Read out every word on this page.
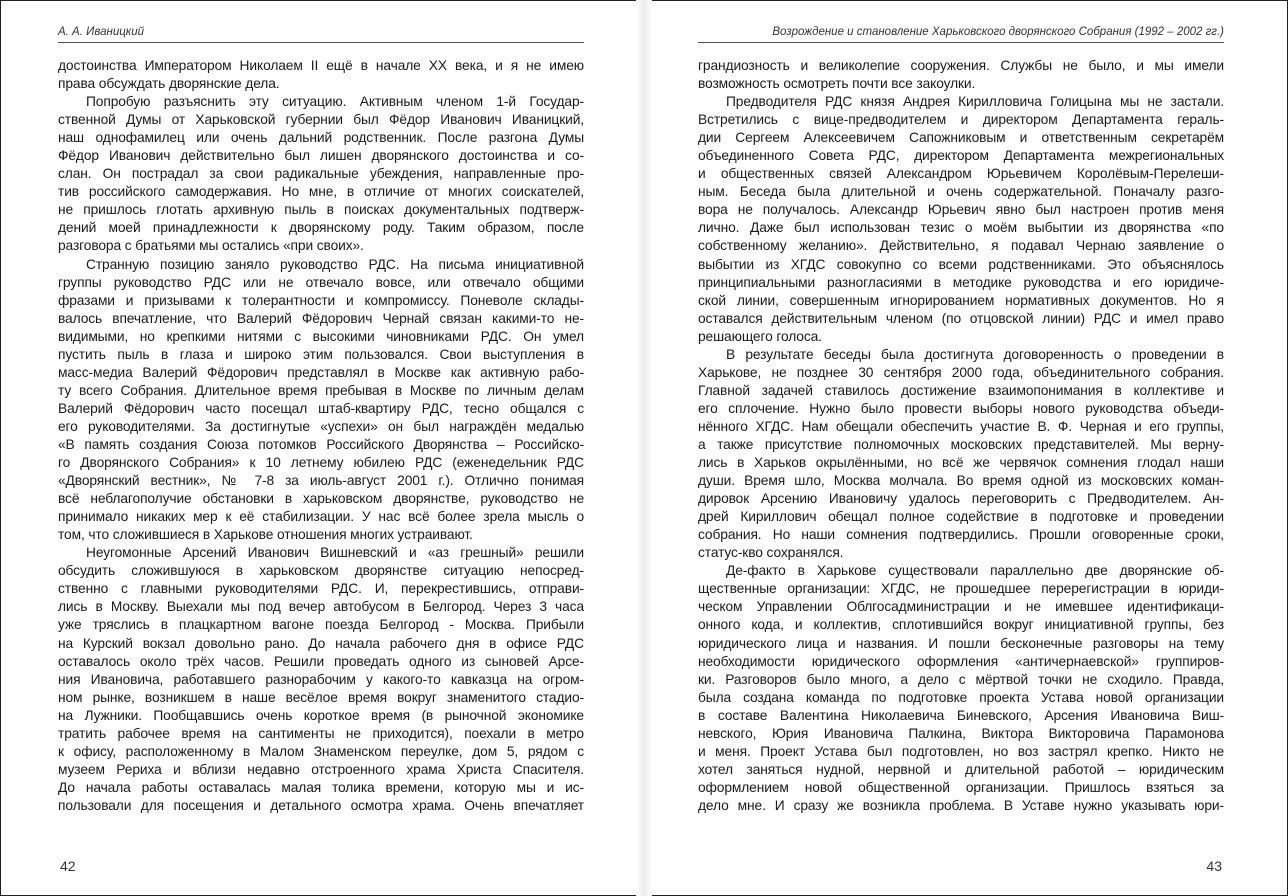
А. А. Иваницкий
достоинства Императором Николаем II ещё в начале XX века, и я не имею
права обсуждать дворянские дела.
Попробую разъяснить эту ситуацию. Активным членом 1-й Государ-
ственной Думы от Харьковской губернии был Фёдор Иванович Иваницкий,
наш однофамилец или очень дальний родственник. После разгона Думы
Фёдор Иванович действительно был лишен дворянского достоинства и со-
слан. Он пострадал за свои радикальные убеждения, направленные про-
тив российского самодержавия. Но мне, в отличие от многих соискателей,
не пришлось глотать архивную пыль в поисках документальных подтверж-
дений моей принадлежности к дворянскому роду. Таким образом, после
разговора с братьями мы остались «при своих».
Странную позицию заняло руководство РДС. На письма инициативной
группы руководство РДС или не отвечало вовсе, или отвечало общими
фразами и призывами к толерантности и компромиссу. Поневоле склады-
валось впечатление, что Валерий Фёдорович Чернай связан какими-то не-
видимыми, но крепкими нитями с высокими чиновниками РДС. Он умел
пустить пыль в глаза и широко этим пользовался. Свои выступления в
масс-медиа Валерий Фёдорович представлял в Москве как активную рабо-
ту всего Собрания. Длительное время пребывая в Москве по личным делам
Валерий Фёдорович часто посещал штаб-квартиру РДС, тесно общался с
его руководителями. За достигнутые «успехи» он был награждён медалью
«В память создания Союза потомков Российского Дворянства – Российско-
го Дворянского Собрания» к 10 летнему юбилею РДС (еженедельник РДС
«Дворянский вестник», № 7-8 за июль-август 2001 г.). Отлично понимая
всё неблагополучие обстановки в харьковском дворянстве, руководство не
принимало никаких мер к её стабилизации. У нас всё более зрела мысль о
том, что сложившиеся в Харькове отношения многих устраивают.
Неугомонные Арсений Иванович Вишневский и «аз грешный» решили
обсудить сложившуюся в харьковском дворянстве ситуацию непосред-
ственно с главными руководителями РДС. И, перекрестившись, отправи-
лись в Москву. Выехали мы под вечер автобусом в Белгород. Через 3 часа
уже тряслись в плацкартном вагоне поезда Белгород - Москва. Прибыли
на Курский вокзал довольно рано. До начала рабочего дня в офисе РДС
оставалось около трёх часов. Решили проведать одного из сыновей Арсе-
ния Ивановича, работавшего разнорабочим у какого-то кавказца на огром-
ном рынке, возникшем в наше весёлое время вокруг знаменитого стадио-
на Лужники. Пообщавшись очень короткое время (в рыночной экономике
тратить рабочее время на сантименты не приходится), поехали в метро
к офису, расположенному в Малом Знаменском переулке, дом 5, рядом с
музеем Рериха и вблизи недавно отстроенного храма Христа Спасителя.
До начала работы оставалась малая толика времени, которую мы и ис-
пользовали для посещения и детального осмотра храма. Очень впечатляет
42
Возрождение и становление Харьковского дворянского Собрания (1992 – 2002 гг.)
грандиозность и великолепие сооружения. Службы не было, и мы имели
возможность осмотреть почти все закоулки.
Предводителя РДС князя Андрея Кирилловича Голицына мы не застали.
Встретились с вице-предводителем и директором Департамента гераль-
дии Сергеем Алексеевичем Сапожниковым и ответственным секретарём
объединенного Совета РДС, директором Департамента межрегиональных
и общественных связей Александром Юрьевичем Королёвым-Перелеши-
ным. Беседа была длительной и очень содержательной. Поначалу разго-
вора не получалось. Александр Юрьевич явно был настроен против меня
лично. Даже был использован тезис о моём выбытии из дворянства «по
собственному желанию». Действительно, я подавал Чернаю заявление о
выбытии из ХГДС совокупно со всеми родственниками. Это объяснялось
принципиальными разногласиями в методике руководства и его юридиче-
ской линии, совершенным игнорированием нормативных документов. Но я
оставался действительным членом (по отцовской линии) РДС и имел право
решающего голоса.
В результате беседы была достигнута договоренность о проведении в
Харькове, не позднее 30 сентября 2000 года, объединительного собрания.
Главной задачей ставилось достижение взаимопонимания в коллективе и
его сплочение. Нужно было провести выборы нового руководства объеди-
нённого ХГДС. Нам обещали обеспечить участие В. Ф. Черная и его группы,
а также присутствие полномочных московских представителей. Мы верну-
лись в Харьков окрылёнными, но всё же червячок сомнения глодал наши
души. Время шло, Москва молчала. Во время одной из московских коман-
дировок Арсению Ивановичу удалось переговорить с Предводителем. Ан-
дрей Кириллович обещал полное содействие в подготовке и проведении
собрания. Но наши сомнения подтвердились. Прошли оговоренные сроки,
статус-кво сохранялся.
Де-факто в Харькове существовали параллельно две дворянские об-
щественные организации: ХГДС, не прошедшее перерегистрации в юриди-
ческом Управлении Облгосадминистрации и не имевшее идентификаци-
онного кода, и коллектив, сплотившийся вокруг инициативной группы, без
юридического лица и названия. И пошли бесконечные разговоры на тему
необходимости юридического оформления «античернаевской» группиров-
ки. Разговоров было много, а дело с мёртвой точки не сходило. Правда,
была создана команда по подготовке проекта Устава новой организации
в составе Валентина Николаевича Биневского, Арсения Ивановича Виш-
невского, Юрия Ивановича Палкина, Виктора Викторовича Парамонова
и меня. Проект Устава был подготовлен, но воз застрял крепко. Никто не
хотел заняться нудной, нервной и длительной работой – юридическим
оформлением новой общественной организации. Пришлось взяться за
дело мне. И сразу же возникла проблема. В Уставе нужно указывать юри-
43
